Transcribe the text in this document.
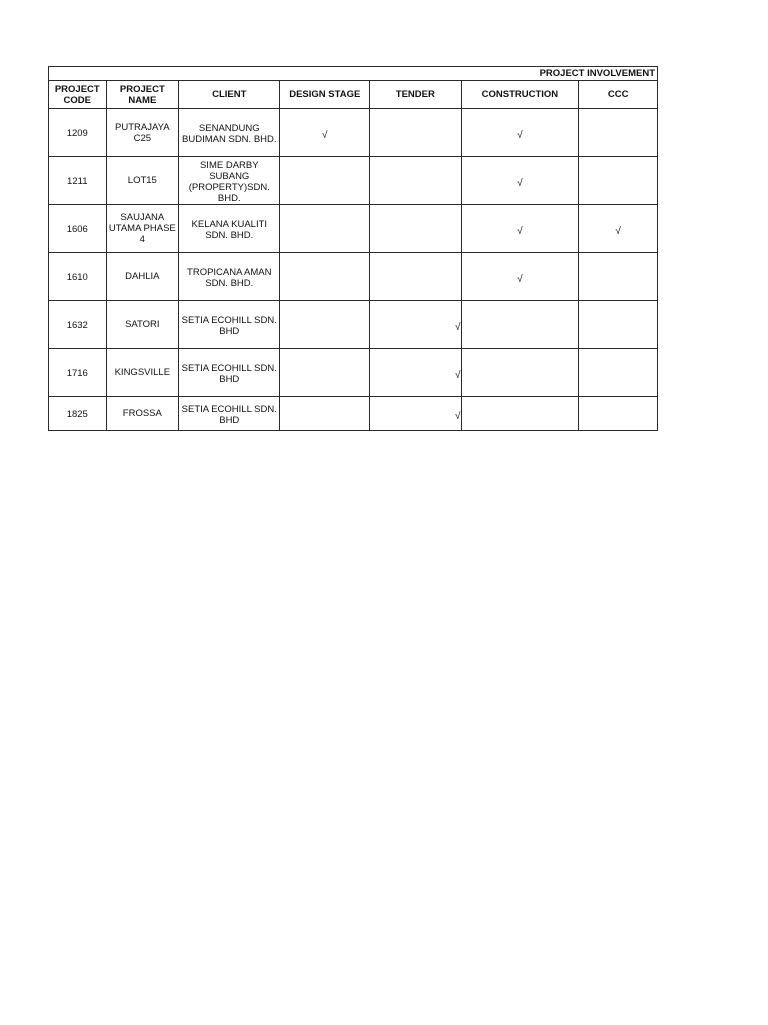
PROJECT INVOLVEMENT						
PROJECT CODE	PROJECT NAME	CLIENT	DESIGN STAGE	TENDER	CONSTRUCTION	CCC
1209	PUTRAJAYA C25	SENANDUNG BUDIMAN SDN. BHD.	√		√	
1211	LOT15	SIME DARBY SUBANG (PROPERTY)SDN. BHD.			√	
1606	SAUJANA UTAMA PHASE 4	KELANA KUALITI SDN. BHD.			√	√
1610	DAHLIA	TROPICANA AMAN SDN. BHD.			√	
1632	SATORI	SETIA ECOHILL SDN. BHD		√		
1716	KINGSVILLE	SETIA ECOHILL SDN. BHD		√		
1825	FROSSA	SETIA ECOHILL SDN. BHD		√		
